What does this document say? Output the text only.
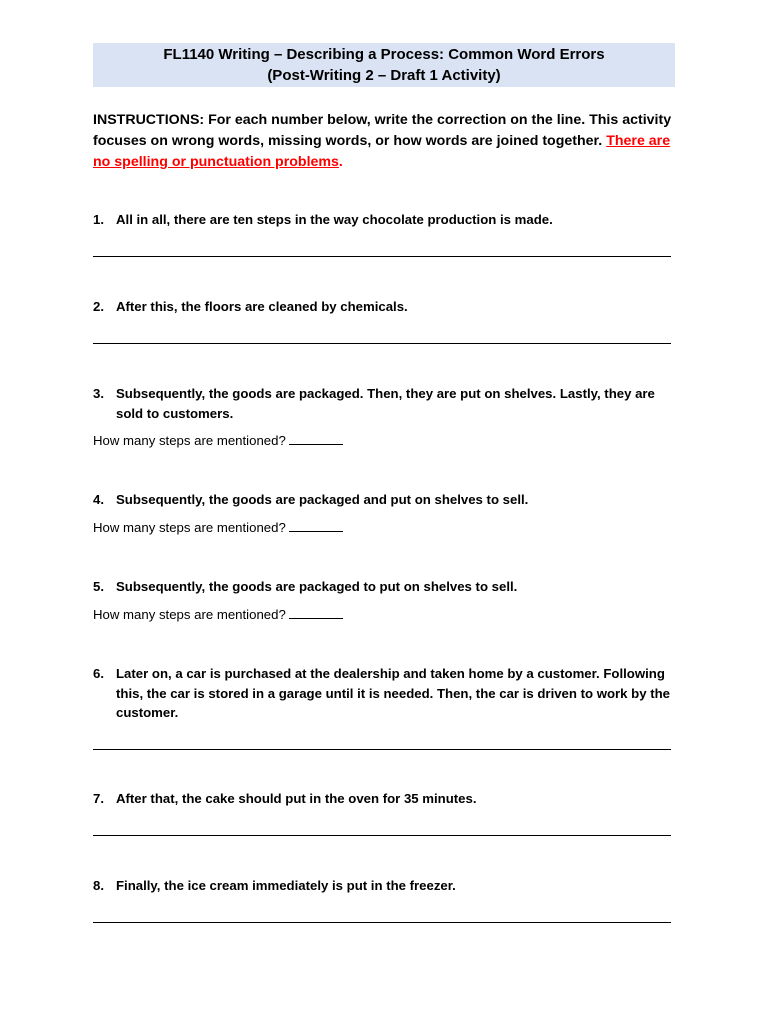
FL1140 Writing – Describing a Process: Common Word Errors
(Post-Writing 2 – Draft 1 Activity)
INSTRUCTIONS: For each number below, write the correction on the line. This activity focuses on wrong words, missing words, or how words are joined together. There are no spelling or punctuation problems.
1. All in all, there are ten steps in the way chocolate production is made.
2. After this, the floors are cleaned by chemicals.
3. Subsequently, the goods are packaged. Then, they are put on shelves. Lastly, they are sold to customers.
How many steps are mentioned?
4. Subsequently, the goods are packaged and put on shelves to sell.
How many steps are mentioned?
5. Subsequently, the goods are packaged to put on shelves to sell.
How many steps are mentioned?
6. Later on, a car is purchased at the dealership and taken home by a customer. Following this, the car is stored in a garage until it is needed. Then, the car is driven to work by the customer.
7. After that, the cake should put in the oven for 35 minutes.
8. Finally, the ice cream immediately is put in the freezer.
